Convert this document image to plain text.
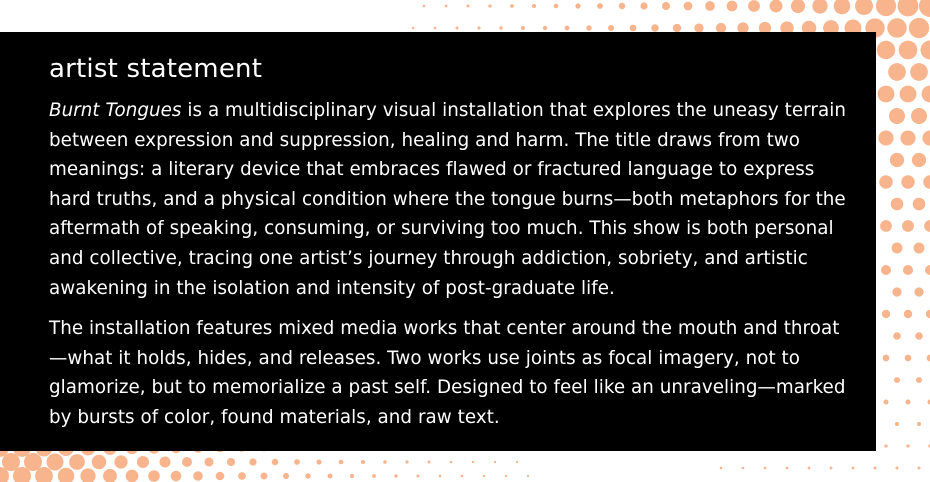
artist statement

Burnt Tongues is a multidisciplinary visual installation that explores the uneasy terrain between expression and suppression, healing and harm. The title draws from two meanings: a literary device that embraces flawed or fractured language to express hard truths, and a physical condition where the tongue burns—both metaphors for the aftermath of speaking, consuming, or surviving too much. This show is both personal and collective, tracing one artist’s journey through addiction, sobriety, and artistic awakening in the isolation and intensity of post-graduate life.

The installation features mixed media works that center around the mouth and throat—what it holds, hides, and releases. Two works use joints as focal imagery, not to glamorize, but to memorialize a past self. Designed to feel like an unraveling—marked by bursts of color, found materials, and raw text.
